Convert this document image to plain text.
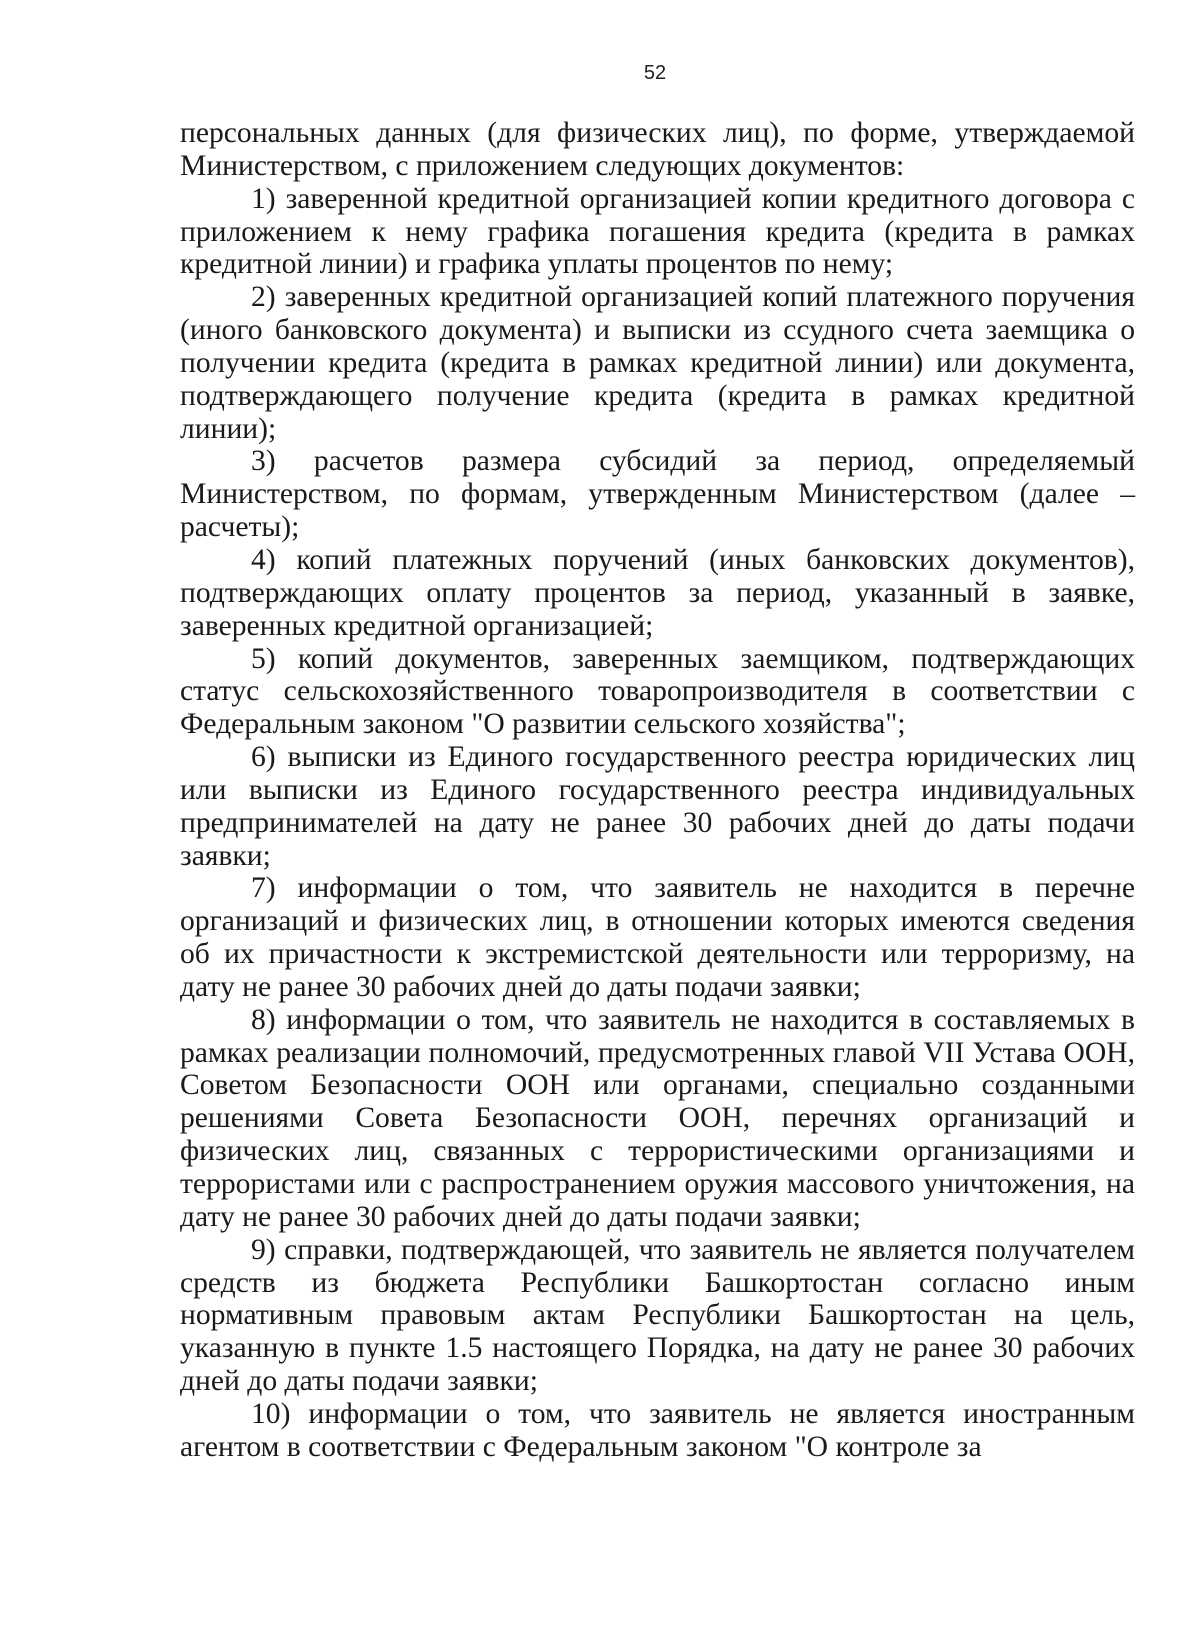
52

персональных данных (для физических лиц), по форме, утверждаемой Министерством, с приложением следующих документов:

1) заверенной кредитной организацией копии кредитного договора с приложением к нему графика погашения кредита (кредита в рамках кредитной линии) и графика уплаты процентов по нему;

2) заверенных кредитной организацией копий платежного поручения (иного банковского документа) и выписки из ссудного счета заемщика о получении кредита (кредита в рамках кредитной линии) или документа, подтверждающего получение кредита (кредита в рамках кредитной линии);

3) расчетов размера субсидий за период, определяемый Министерством, по формам, утвержденным Министерством (далее – расчеты);

4) копий платежных поручений (иных банковских документов), подтверждающих оплату процентов за период, указанный в заявке, заверенных кредитной организацией;

5) копий документов, заверенных заемщиком, подтверждающих статус сельскохозяйственного товаропроизводителя в соответствии с Федеральным законом "О развитии сельского хозяйства";

6) выписки из Единого государственного реестра юридических лиц или выписки из Единого государственного реестра индивидуальных предпринимателей на дату не ранее 30 рабочих дней до даты подачи заявки;

7) информации о том, что заявитель не находится в перечне организаций и физических лиц, в отношении которых имеются сведения об их причастности к экстремистской деятельности или терроризму, на дату не ранее 30 рабочих дней до даты подачи заявки;

8) информации о том, что заявитель не находится в составляемых в рамках реализации полномочий, предусмотренных главой VII Устава ООН, Советом Безопасности ООН или органами, специально созданными решениями Совета Безопасности ООН, перечнях организаций и физических лиц, связанных с террористическими организациями и террористами или с распространением оружия массового уничтожения, на дату не ранее 30 рабочих дней до даты подачи заявки;

9) справки, подтверждающей, что заявитель не является получателем средств из бюджета Республики Башкортостан согласно иным нормативным правовым актам Республики Башкортостан на цель, указанную в пункте 1.5 настоящего Порядка, на дату не ранее 30 рабочих дней до даты подачи заявки;

10) информации о том, что заявитель не является иностранным агентом в соответствии с Федеральным законом "О контроле за
